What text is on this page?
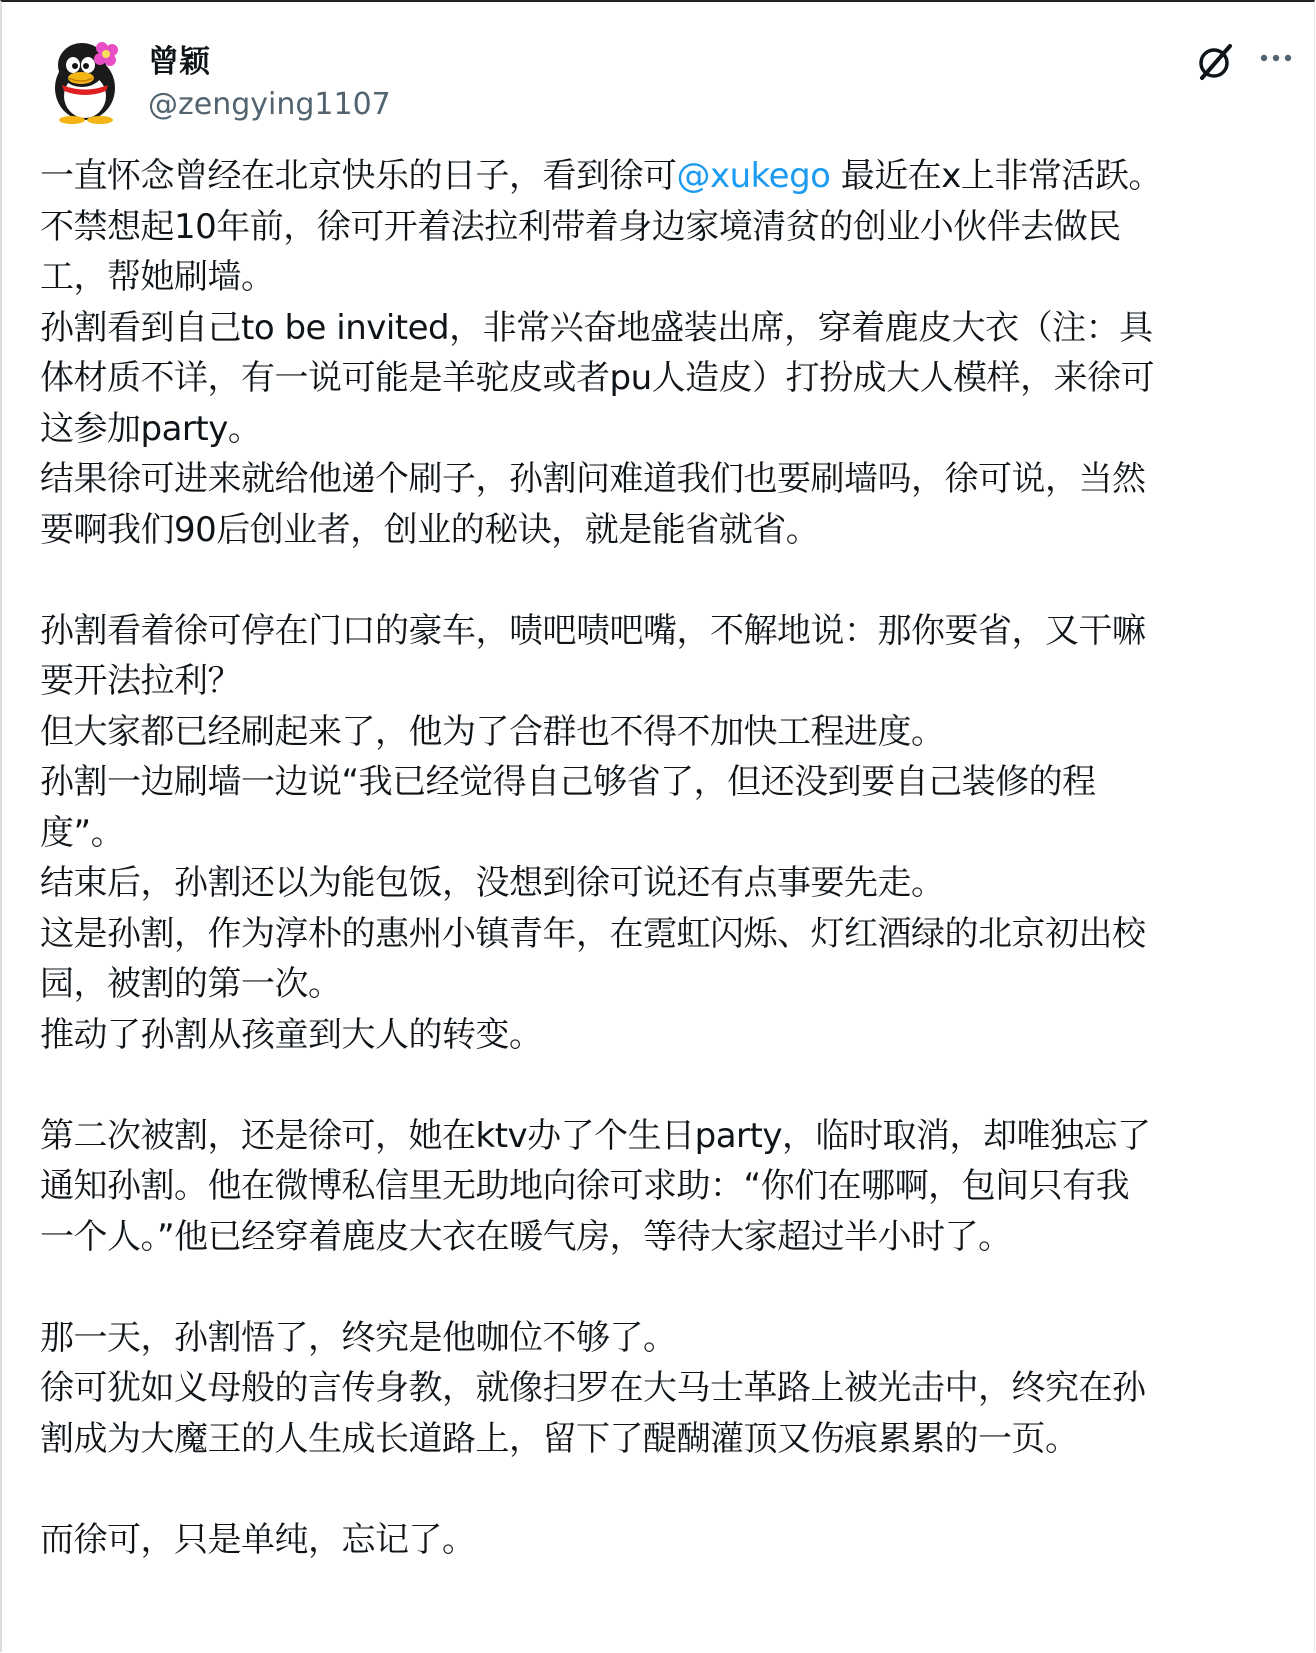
曾颖
@zengying1107

一直怀念曾经在北京快乐的日子，看到徐可@xukego 最近在x上非常活跃。

不禁想起10年前，徐可开着法拉利带着身边家境清贫的创业小伙伴去做民

工，帮她刷墙。

孙割看到自己to be invited，非常兴奋地盛装出席，穿着鹿皮大衣（注：具

体材质不详，有一说可能是羊驼皮或者pu人造皮）打扮成大人模样，来徐可

这参加party。

结果徐可进来就给他递个刷子，孙割问难道我们也要刷墙吗，徐可说，当然

要啊我们90后创业者，创业的秘诀，就是能省就省。

孙割看着徐可停在门口的豪车，啧吧啧吧嘴，不解地说：那你要省，又干嘛

要开法拉利？

但大家都已经刷起来了，他为了合群也不得不加快工程进度。

孙割一边刷墙一边说“我已经觉得自己够省了，但还没到要自己装修的程

度”。

结束后，孙割还以为能包饭，没想到徐可说还有点事要先走。

这是孙割，作为淳朴的惠州小镇青年，在霓虹闪烁、灯红酒绿的北京初出校

园，被割的第一次。

推动了孙割从孩童到大人的转变。

第二次被割，还是徐可，她在ktv办了个生日party，临时取消，却唯独忘了

通知孙割。他在微博私信里无助地向徐可求助：“你们在哪啊，包间只有我

一个人。”他已经穿着鹿皮大衣在暖气房，等待大家超过半小时了。

那一天，孙割悟了，终究是他咖位不够了。

徐可犹如义母般的言传身教，就像扫罗在大马士革路上被光击中，终究在孙

割成为大魔王的人生成长道路上，留下了醍醐灌顶又伤痕累累的一页。

而徐可，只是单纯，忘记了。
